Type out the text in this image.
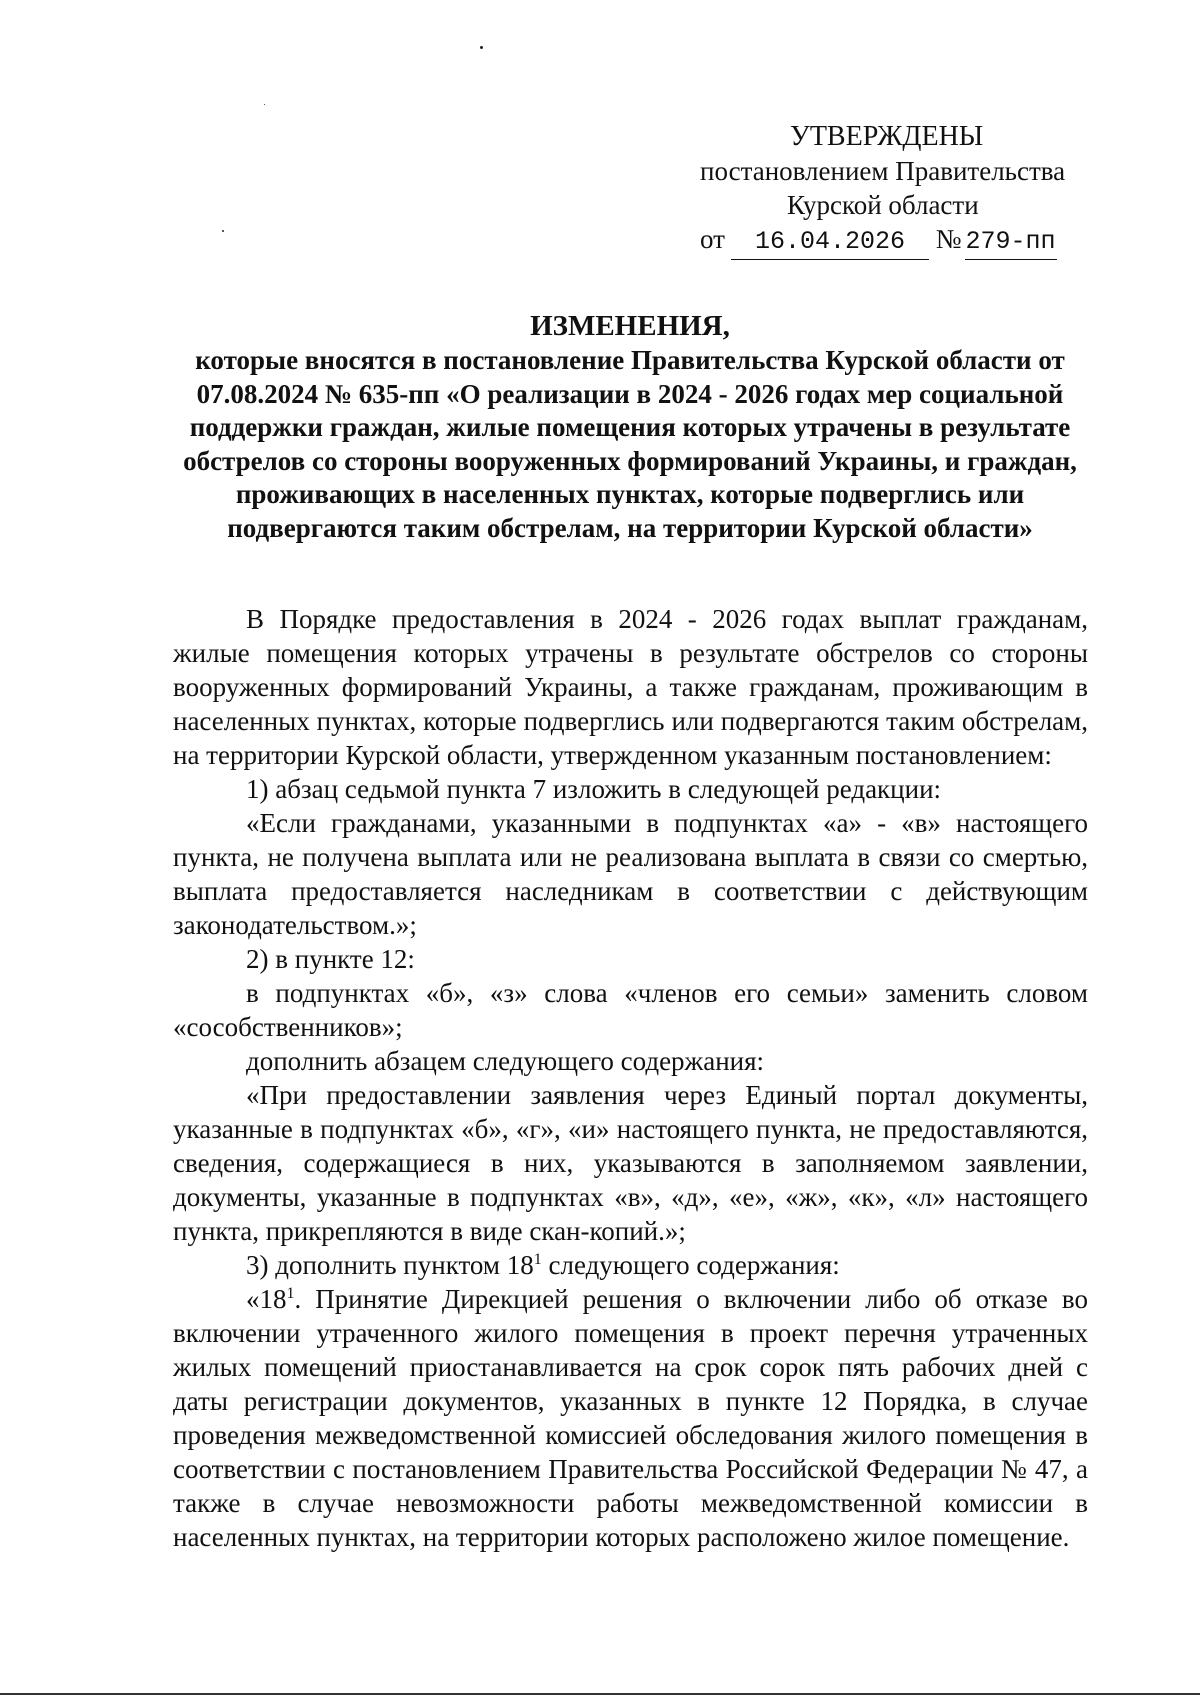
УТВЕРЖДЕНЫ
постановлением Правительства
Курской области
от 16.04.2026 № 279-пп
ИЗМЕНЕНИЯ,
которые вносятся в постановление Правительства Курской области от 07.08.2024 № 635-пп «О реализации в 2024 - 2026 годах мер социальной поддержки граждан, жилые помещения которых утрачены в результате обстрелов со стороны вооруженных формирований Украины, и граждан, проживающих в населенных пунктах, которые подверглись или подвергаются таким обстрелам, на территории Курской области»

В Порядке предоставления в 2024 - 2026 годах выплат гражданам, жилые помещения которых утрачены в результате обстрелов со стороны вооруженных формирований Украины, а также гражданам, проживающим в населенных пунктах, которые подверглись или подвергаются таким обстрелам, на территории Курской области, утвержденном указанным постановлением:

1) абзац седьмой пункта 7 изложить в следующей редакции:

«Если гражданами, указанными в подпунктах «а» - «в» настоящего пункта, не получена выплата или не реализована выплата в связи со смертью, выплата предоставляется наследникам в соответствии с действующим законодательством.»;

2) в пункте 12:

в подпунктах «б», «з» слова «членов его семьи» заменить словом «сособственников»;

дополнить абзацем следующего содержания:

«При предоставлении заявления через Единый портал документы, указанные в подпунктах «б», «г», «и» настоящего пункта, не предоставляются, сведения, содержащиеся в них, указываются в заполняемом заявлении, документы, указанные в подпунктах «в», «д», «е», «ж», «к», «л» настоящего пункта, прикрепляются в виде скан-копий.»;

3) дополнить пунктом $18^1$ следующего содержания:

«$18^1$. Принятие Дирекцией решения о включении либо об отказе во включении утраченного жилого помещения в проект перечня утраченных жилых помещений приостанавливается на срок сорок пять рабочих дней с даты регистрации документов, указанных в пункте 12 Порядка, в случае проведения межведомственной комиссией обследования жилого помещения в соответствии с постановлением Правительства Российской Федерации № 47, а также в случае невозможности работы межведомственной комиссии в населенных пунктах, на территории которых расположено жилое помещение.
